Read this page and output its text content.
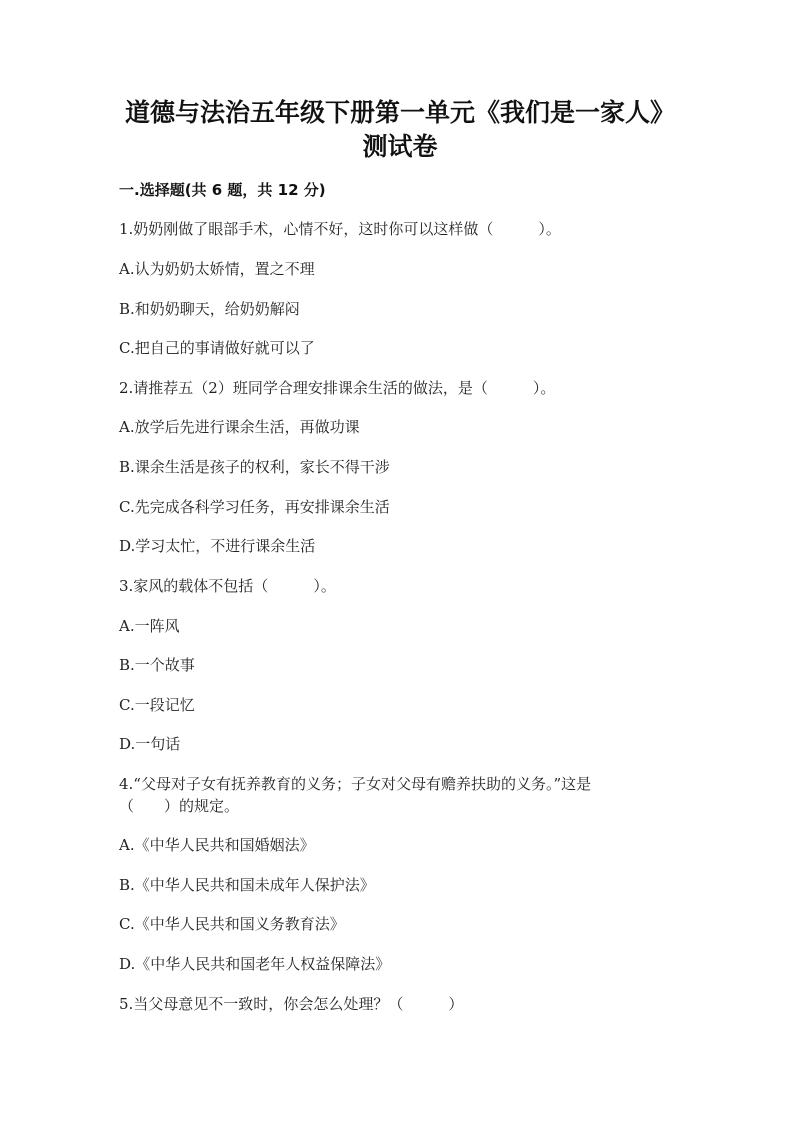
道德与法治五年级下册第一单元《我们是一家人》
测试卷
一.选择题(共 6 题，共 12 分)
1.奶奶刚做了眼部手术，心情不好，这时你可以这样做（　　　）。
A.认为奶奶太娇情，置之不理
B.和奶奶聊天，给奶奶解闷
C.把自己的事请做好就可以了
2.请推荐五（2）班同学合理安排课余生活的做法，是（　　　）。
A.放学后先进行课余生活，再做功课
B.课余生活是孩子的权利，家长不得干涉
C.先完成各科学习任务，再安排课余生活
D.学习太忙，不进行课余生活
3.家风的载体不包括（　　　）。
A.一阵风
B.一个故事
C.一段记忆
D.一句话
4.“父母对子女有抚养教育的义务；子女对父母有赡养扶助的义务。”这是
（　　）的规定。
A.《中华人民共和国婚姻法》
B.《中华人民共和国未成年人保护法》
C.《中华人民共和国义务教育法》
D.《中华人民共和国老年人权益保障法》
5.当父母意见不一致时，你会怎么处理？（　　　）
